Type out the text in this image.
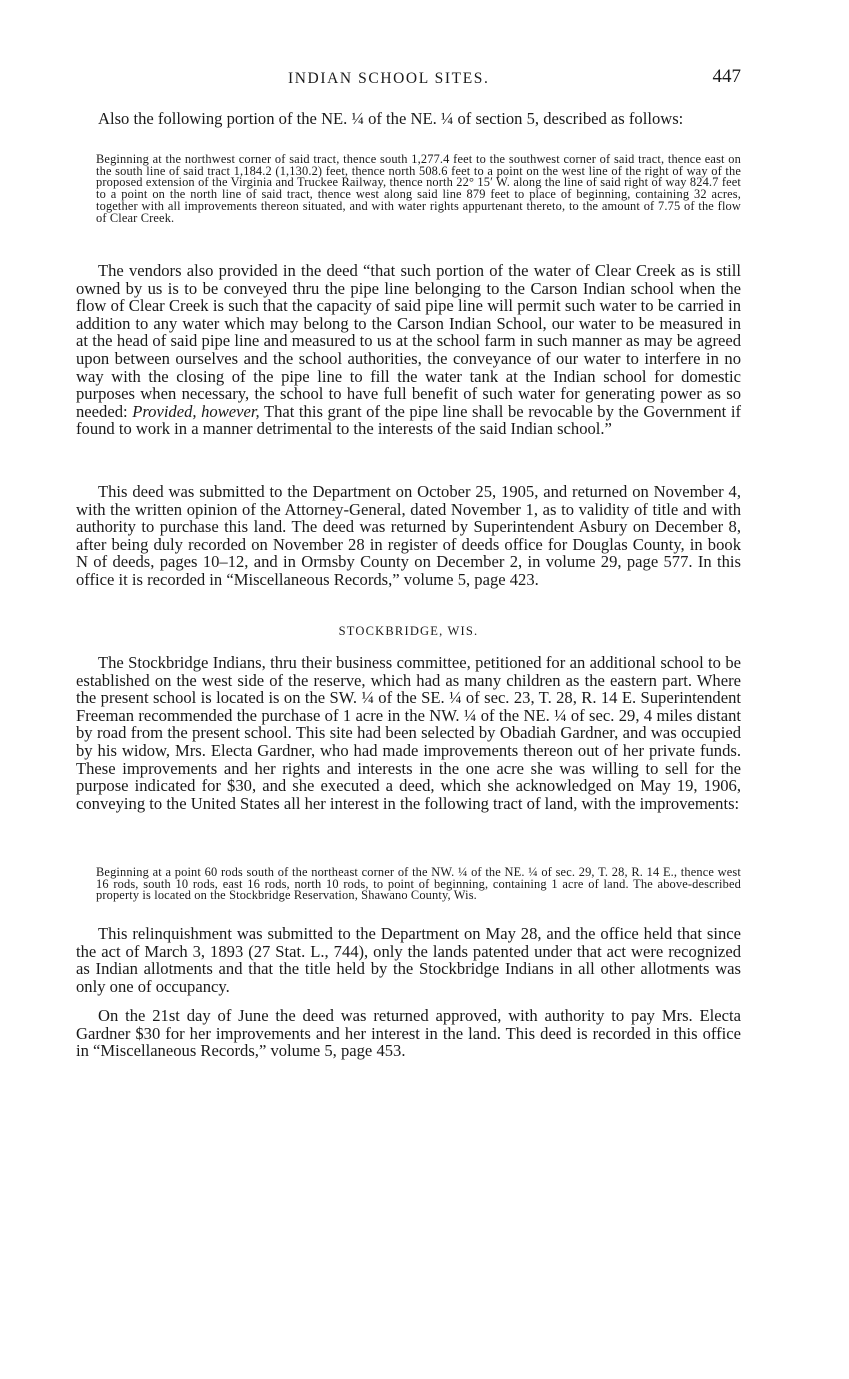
INDIAN SCHOOL SITES.	447

Also the following portion of the NE. ¼ of the NE. ¼ of section 5, described as follows:

Beginning at the northwest corner of said tract, thence south 1,277.4 feet to the southwest corner of said tract, thence east on the south line of said tract 1,184.2 (1,130.2) feet, thence north 508.6 feet to a point on the west line of the right of way of the proposed extension of the Virginia and Truckee Railway, thence north 22° 15′ W. along the line of said right of way 824.7 feet to a point on the north line of said tract, thence west along said line 879 feet to place of beginning, containing 32 acres, together with all improvements thereon situated, and with water rights appurtenant thereto, to the amount of 7.75 of the flow of Clear Creek.

The vendors also provided in the deed “that such portion of the water of Clear Creek as is still owned by us is to be conveyed thru the pipe line belonging to the Carson Indian school when the flow of Clear Creek is such that the capacity of said pipe line will permit such water to be carried in addition to any water which may belong to the Carson Indian School, our water to be measured in at the head of said pipe line and measured to us at the school farm in such manner as may be agreed upon between ourselves and the school authorities, the conveyance of our water to interfere in no way with the closing of the pipe line to fill the water tank at the Indian school for domestic purposes when necessary, the school to have full benefit of such water for generating power as so needed: Provided, however, That this grant of the pipe line shall be revocable by the Government if found to work in a manner detrimental to the interests of the said Indian school.”

This deed was submitted to the Department on October 25, 1905, and returned on November 4, with the written opinion of the Attorney-General, dated November 1, as to validity of title and with authority to purchase this land. The deed was returned by Superintendent Asbury on December 8, after being duly recorded on November 28 in register of deeds office for Douglas County, in book N of deeds, pages 10–12, and in Ormsby County on December 2, in volume 29, page 577. In this office it is recorded in “Miscellaneous Records,” volume 5, page 423.

STOCKBRIDGE, WIS.

The Stockbridge Indians, thru their business committee, petitioned for an additional school to be established on the west side of the reserve, which had as many children as the eastern part. Where the present school is located is on the SW. ¼ of the SE. ¼ of sec. 23, T. 28, R. 14 E. Superintendent Freeman recommended the purchase of 1 acre in the NW. ¼ of the NE. ¼ of sec. 29, 4 miles distant by road from the present school. This site had been selected by Obadiah Gardner, and was occupied by his widow, Mrs. Electa Gardner, who had made improvements thereon out of her private funds. These improvements and her rights and interests in the one acre she was willing to sell for the purpose indicated for $30, and she executed a deed, which she acknowledged on May 19, 1906, conveying to the United States all her interest in the following tract of land, with the improvements:

Beginning at a point 60 rods south of the northeast corner of the NW. ¼ of the NE. ¼ of sec. 29, T. 28, R. 14 E., thence west 16 rods, south 10 rods, east 16 rods, north 10 rods, to point of beginning, containing 1 acre of land. The above-described property is located on the Stockbridge Reservation, Shawano County, Wis.

This relinquishment was submitted to the Department on May 28, and the office held that since the act of March 3, 1893 (27 Stat. L., 744), only the lands patented under that act were recognized as Indian allotments and that the title held by the Stockbridge Indians in all other allotments was only one of occupancy.

On the 21st day of June the deed was returned approved, with authority to pay Mrs. Electa Gardner $30 for her improvements and her interest in the land. This deed is recorded in this office in “Miscellaneous Records,” volume 5, page 453.
